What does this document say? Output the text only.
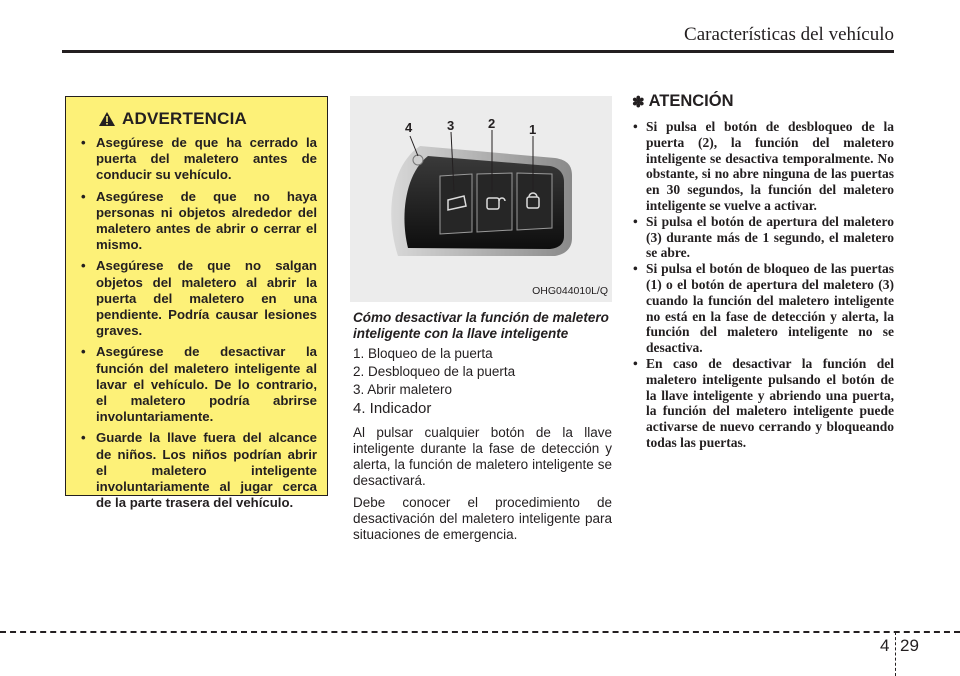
Características del vehículo
ADVERTENCIA
• Asegúrese de que ha cerrado la puerta del maletero antes de conducir su vehículo.
• Asegúrese de que no haya personas ni objetos alrededor del maletero antes de abrir o cerrar el mismo.
• Asegúrese de que no salgan objetos del maletero al abrir la puerta del maletero en una pendiente. Podría causar lesiones graves.
• Asegúrese de desactivar la función del maletero inteligente al lavar el vehículo. De lo contrario, el maletero podría abrirse involuntariamente.
• Guarde la llave fuera del alcance de niños. Los niños podrían abrir el maletero inteligente involuntariamente al jugar cerca de la parte trasera del vehículo.
4	3	2	1
OHG044010L/Q
Cómo desactivar la función de maletero inteligente con la llave inteligente
1. Bloqueo de la puerta
2. Desbloqueo de la puerta
3. Abrir maletero
4. Indicador

Al pulsar cualquier botón de la llave inteligente durante la fase de detección y alerta, la función de maletero inteligente se desactivará.

Debe conocer el procedimiento de desactivación del maletero inteligente para situaciones de emergencia.

✽ ATENCIÓN
• Si pulsa el botón de desbloqueo de la puerta (2), la función del maletero inteligente se desactiva temporalmente. No obstante, si no abre ninguna de las puertas en 30 segundos, la función del maletero inteligente se vuelve a activar.
• Si pulsa el botón de apertura del maletero (3) durante más de 1 segundo, el maletero se abre.
• Si pulsa el botón de bloqueo de las puertas (1) o el botón de apertura del maletero (3) cuando la función del maletero inteligente no está en la fase de detección y alerta, la función del maletero inteligente no se desactiva.
• En caso de desactivar la función del maletero inteligente pulsando el botón de la llave inteligente y abriendo una puerta, la función del maletero inteligente puede activarse de nuevo cerrando y bloqueando todas las puertas.
4 29
